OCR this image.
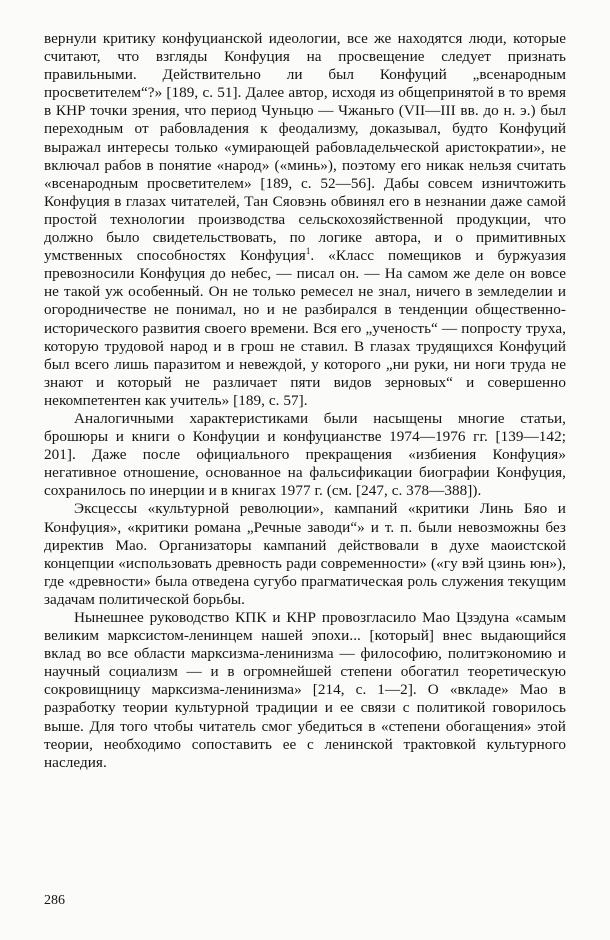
вернули критику конфуцианской идеологии, все же находятся люди, которые считают, что взгляды Конфуция на просвещение следует признать правильными. Действительно ли был Конфуций „всенародным просветителем“?» [189, с. 51]. Далее автор, исходя из общепринятой в то время в КНР точки зрения, что период Чуньцю — Чжаньго (VII—III вв. до н. э.) был переходным от рабовладения к феодализму, доказывал, будто Конфуций выражал интересы только «умирающей рабовладельческой аристократии», не включал рабов в понятие «народ» («минь»), поэтому его никак нельзя считать «всенародным просветителем» [189, с. 52—56]. Дабы совсем изничтожить Конфуция в глазах читателей, Тан Сяовэнь обвинял его в незнании даже самой простой технологии производства сельскохозяйственной продукции, что должно было свидетельствовать, по логике автора, и о примитивных умственных способностях Конфуция$^1$. «Класс помещиков и буржуазия превозносили Конфуция до небес, — писал он. — На самом же деле он вовсе не такой уж особенный. Он не только ремесел не знал, ничего в земледелии и огородничестве не понимал, но и не разбирался в тенденции общественно-исторического развития своего времени. Вся его „ученость“ — попросту труха, которую трудовой народ и в грош не ставил. В глазах трудящихся Конфуций был всего лишь паразитом и невеждой, у которого „ни руки, ни ноги труда не знают и который не различает пяти видов зерновых“ и совершенно некомпетентен как учитель» [189, с. 57].

Аналогичными характеристиками были насыщены многие статьи, брошюры и книги о Конфуции и конфуцианстве 1974—1976 гг. [139—142; 201]. Даже после официального прекращения «избиения Конфуция» негативное отношение, основанное на фальсификации биографии Конфуция, сохранилось по инерции и в книгах 1977 г. (см. [247, с. 378—388]).

Эксцессы «культурной революции», кампаний «критики Линь Бяо и Конфуция», «критики романа „Речные заводи“» и т. п. были невозможны без директив Мао. Организаторы кампаний действовали в духе маоистской концепции «использовать древность ради современности» («гу вэй цзинь юн»), где «древности» была отведена сугубо прагматическая роль служения текущим задачам политической борьбы.

Нынешнее руководство КПК и КНР провозгласило Мао Цзэдуна «самым великим марксистом-ленинцем нашей эпохи... [который] внес выдающийся вклад во все области марксизма-ленинизма — философию, политэкономию и научный социализм — и в огромнейшей степени обогатил теоретическую сокровищницу марксизма-ленинизма» [214, с. 1—2]. О «вкладе» Мао в разработку теории культурной традиции и ее связи с политикой говорилось выше. Для того чтобы читатель смог убедиться в «степени обогащения» этой теории, необходимо сопоставить ее с ленинской трактовкой культурного наследия.

286
